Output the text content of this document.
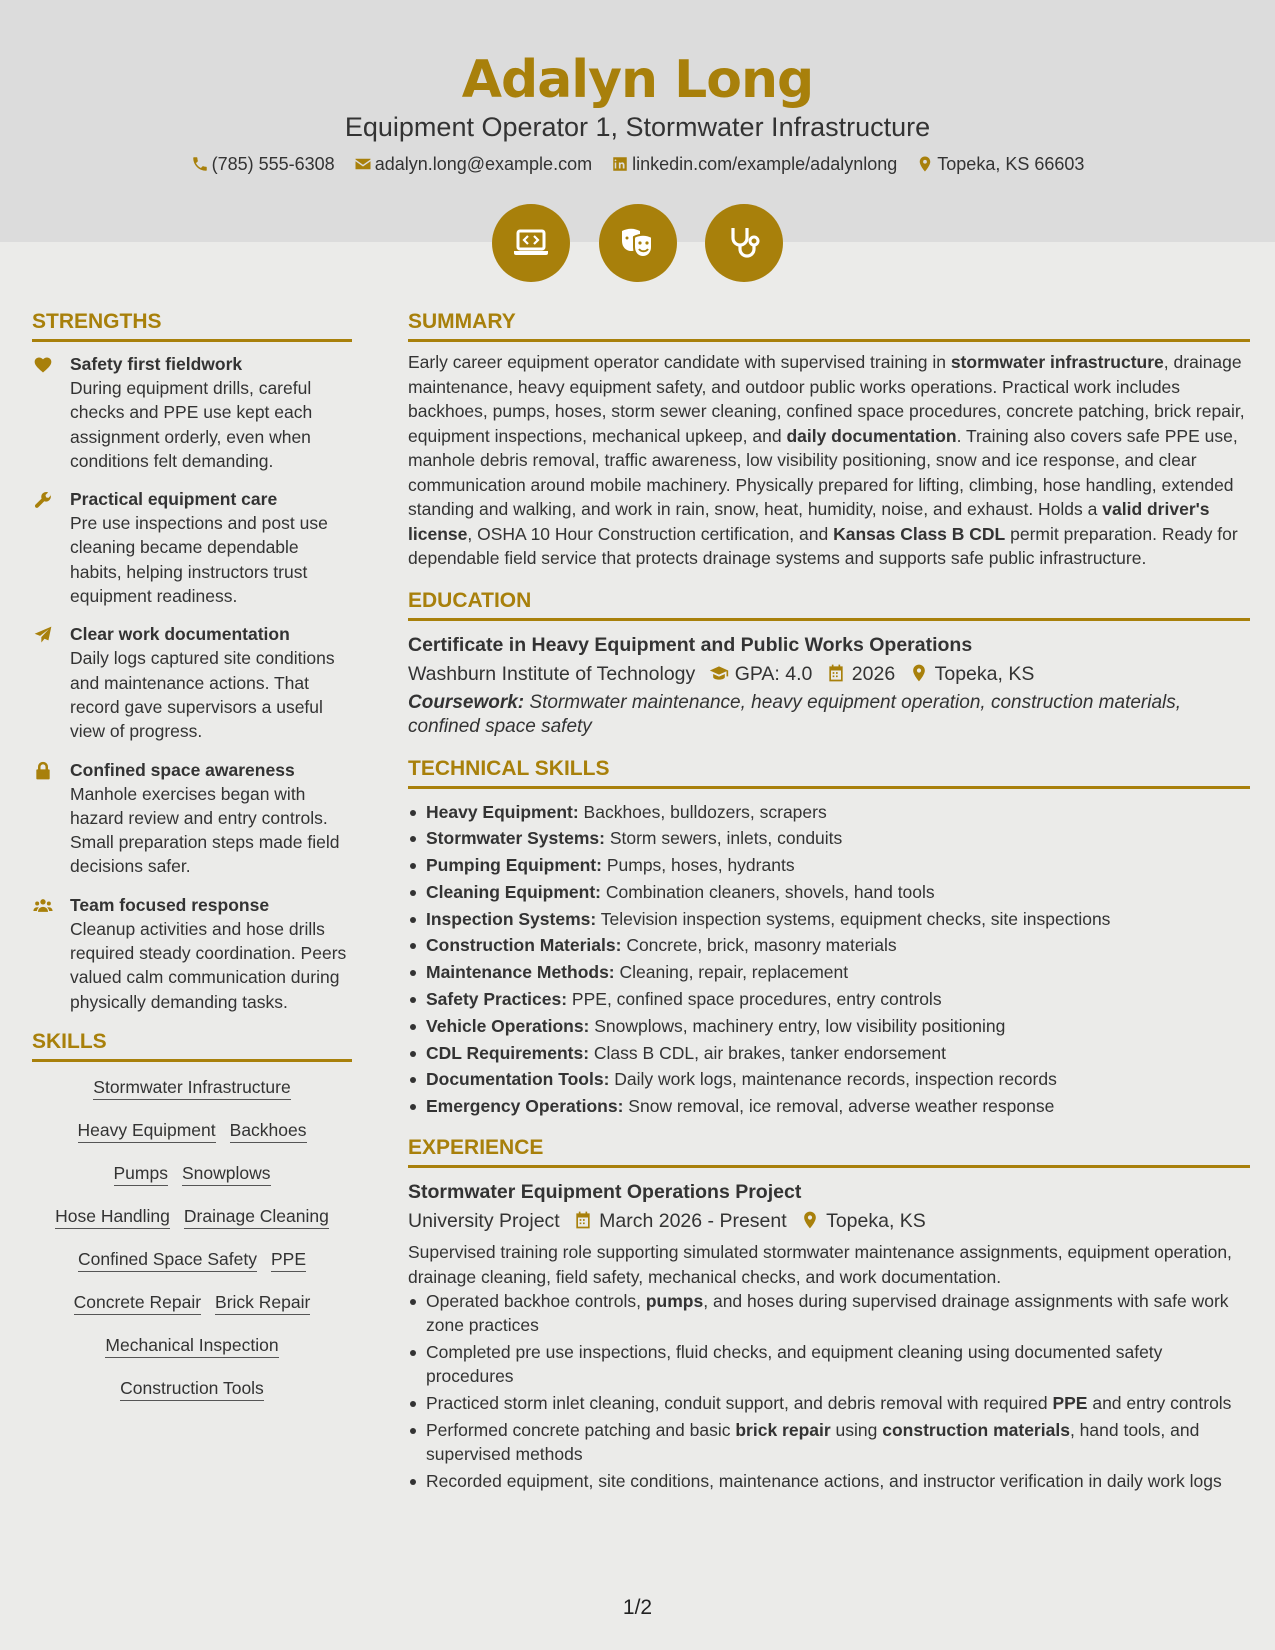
Adalyn Long
Equipment Operator 1, Stormwater Infrastructure
(785) 555-6308 adalyn.long@example.com linkedin.com/example/adalynlong Topeka, KS 66603

STRENGTHS
Safety first fieldwork
During equipment drills, careful checks and PPE use kept each assignment orderly, even when conditions felt demanding.
Practical equipment care
Pre use inspections and post use cleaning became dependable habits, helping instructors trust equipment readiness.
Clear work documentation
Daily logs captured site conditions and maintenance actions. That record gave supervisors a useful view of progress.
Confined space awareness
Manhole exercises began with hazard review and entry controls. Small preparation steps made field decisions safer.
Team focused response
Cleanup activities and hose drills required steady coordination. Peers valued calm communication during physically demanding tasks.
SKILLS
Stormwater Infrastructure
Heavy Equipment Backhoes
Pumps Snowplows
Hose Handling Drainage Cleaning
Confined Space Safety PPE
Concrete Repair Brick Repair
Mechanical Inspection
Construction Tools
SUMMARY
Early career equipment operator candidate with supervised training in stormwater infrastructure, drainage maintenance, heavy equipment safety, and outdoor public works operations. Practical work includes backhoes, pumps, hoses, storm sewer cleaning, confined space procedures, concrete patching, brick repair, equipment inspections, mechanical upkeep, and daily documentation. Training also covers safe PPE use, manhole debris removal, traffic awareness, low visibility positioning, snow and ice response, and clear communication around mobile machinery. Physically prepared for lifting, climbing, hose handling, extended standing and walking, and work in rain, snow, heat, humidity, noise, and exhaust. Holds a valid driver's license, OSHA 10 Hour Construction certification, and Kansas Class B CDL permit preparation. Ready for dependable field service that protects drainage systems and supports safe public infrastructure.
EDUCATION
Certificate in Heavy Equipment and Public Works Operations
Washburn Institute of Technology GPA: 4.0 2026 Topeka, KS
Coursework: Stormwater maintenance, heavy equipment operation, construction materials, confined space safety
TECHNICAL SKILLS
Heavy Equipment: Backhoes, bulldozers, scrapers
Stormwater Systems: Storm sewers, inlets, conduits
Pumping Equipment: Pumps, hoses, hydrants
Cleaning Equipment: Combination cleaners, shovels, hand tools
Inspection Systems: Television inspection systems, equipment checks, site inspections
Construction Materials: Concrete, brick, masonry materials
Maintenance Methods: Cleaning, repair, replacement
Safety Practices: PPE, confined space procedures, entry controls
Vehicle Operations: Snowplows, machinery entry, low visibility positioning
CDL Requirements: Class B CDL, air brakes, tanker endorsement
Documentation Tools: Daily work logs, maintenance records, inspection records
Emergency Operations: Snow removal, ice removal, adverse weather response
EXPERIENCE
Stormwater Equipment Operations Project
University Project March 2026 - Present Topeka, KS
Supervised training role supporting simulated stormwater maintenance assignments, equipment operation, drainage cleaning, field safety, mechanical checks, and work documentation.
Operated backhoe controls, pumps, and hoses during supervised drainage assignments with safe work zone practices
Completed pre use inspections, fluid checks, and equipment cleaning using documented safety procedures
Practiced storm inlet cleaning, conduit support, and debris removal with required PPE and entry controls
Performed concrete patching and basic brick repair using construction materials, hand tools, and supervised methods
Recorded equipment, site conditions, maintenance actions, and instructor verification in daily work logs
1/2
